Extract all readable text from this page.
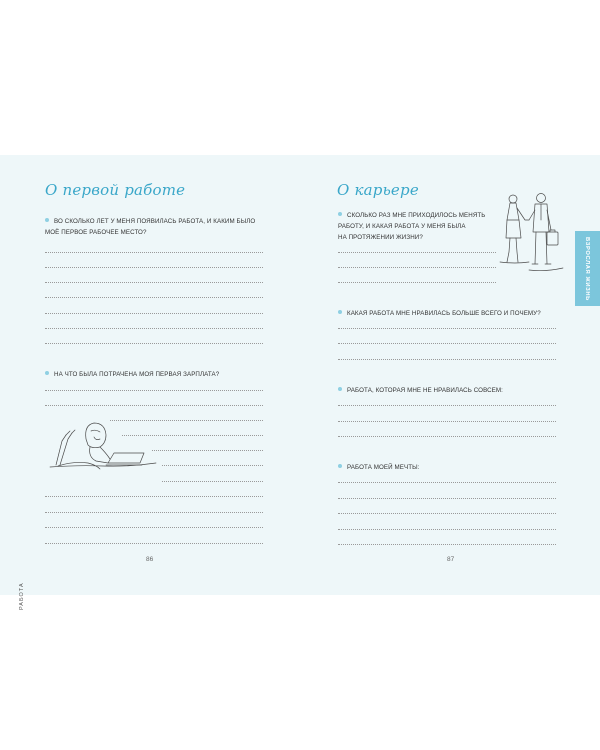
О первой работе
ВО СКОЛЬКО ЛЕТ У МЕНЯ ПОЯВИЛАСЬ РАБОТА, И КАКИМ БЫЛО
МОЁ ПЕРВОЕ РАБОЧЕЕ МЕСТО?
НА ЧТО БЫЛА ПОТРАЧЕНА МОЯ ПЕРВАЯ ЗАРПЛАТА?
РАБОТА
86
О карьере
СКОЛЬКО РАЗ МНЕ ПРИХОДИЛОСЬ МЕНЯТЬ
РАБОТУ, И КАКАЯ РАБОТА У МЕНЯ БЫЛА
НА ПРОТЯЖЕНИИ ЖИЗНИ?
КАКАЯ РАБОТА МНЕ НРАВИЛАСЬ БОЛЬШЕ ВСЕГО И ПОЧЕМУ?
РАБОТА, КОТОРАЯ МНЕ НЕ НРАВИЛАСЬ СОВСЕМ:
РАБОТА МОЕЙ МЕЧТЫ:
87
ВЗРОСЛАЯ ЖИЗНЬ
